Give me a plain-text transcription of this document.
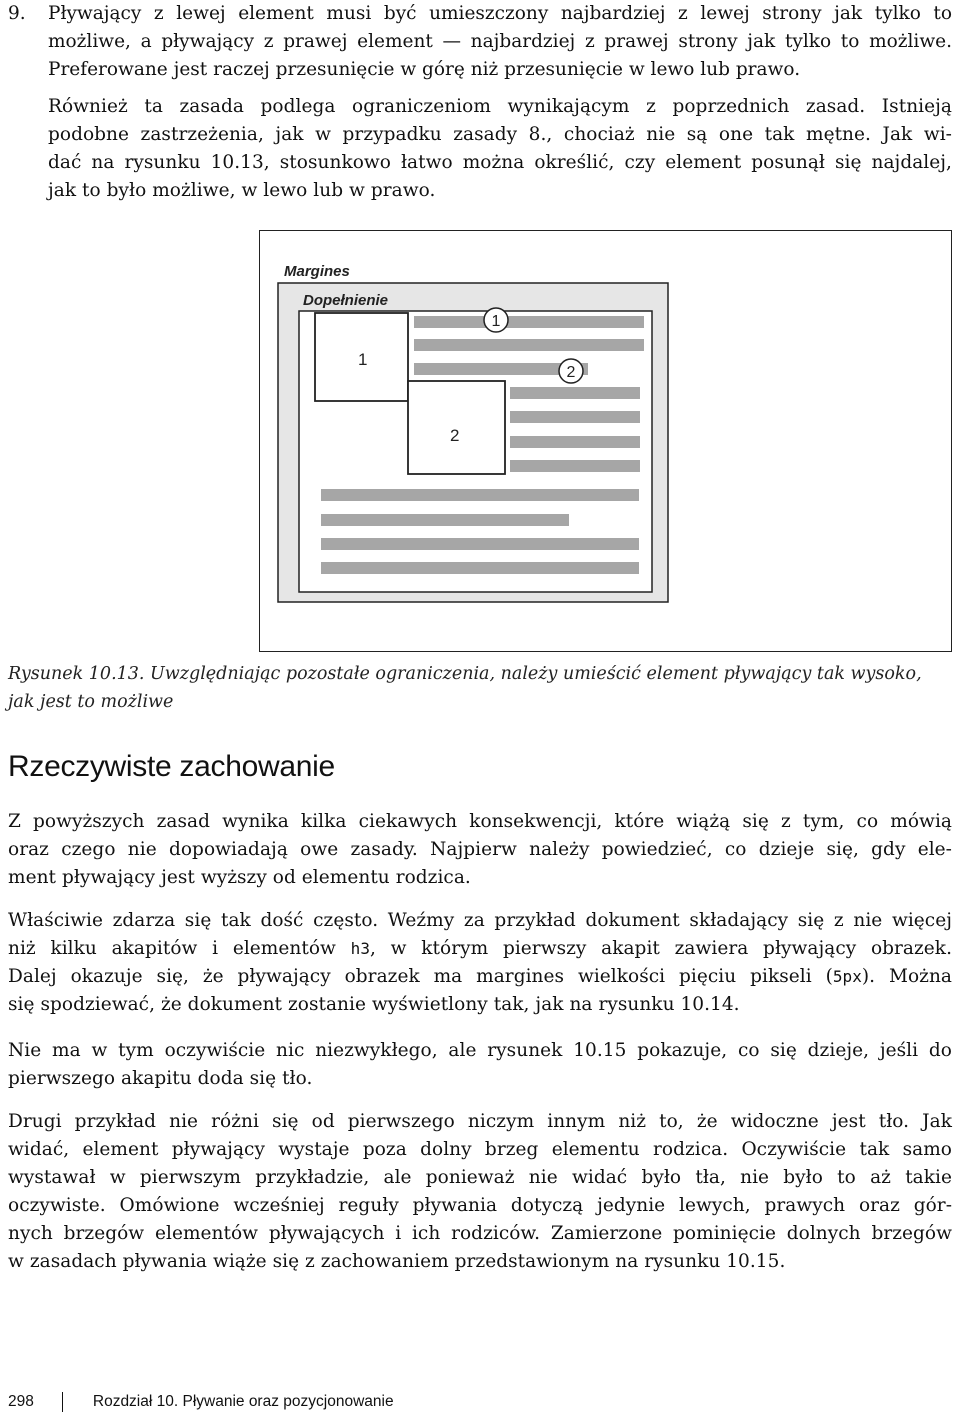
9. Pływający z lewej element musi być umieszczony najbardziej z lewej strony jak tylko to
możliwe, a pływający z prawej element — najbardziej z prawej strony jak tylko to możliwe.
Preferowane jest raczej przesunięcie w górę niż przesunięcie w lewo lub prawo.
Również ta zasada podlega ograniczeniom wynikającym z poprzednich zasad. Istnieją
podobne zastrzeżenia, jak w przypadku zasady 8., chociaż nie są one tak mętne. Jak wi-
dać na rysunku 10.13, stosunkowo łatwo można określić, czy element posunął się najdalej,
jak to było możliwe, w lewo lub w prawo.
Margines
Dopełnienie
1
2
1
2
Rysunek 10.13. Uwzględniając pozostałe ograniczenia, należy umieścić element pływający tak wysoko,
jak jest to możliwe
Rzeczywiste zachowanie
Z powyższych zasad wynika kilka ciekawych konsekwencji, które wiążą się z tym, co mówią
oraz czego nie dopowiadają owe zasady. Najpierw należy powiedzieć, co dzieje się, gdy ele-
ment pływający jest wyższy od elementu rodzica.
Właściwie zdarza się tak dość często. Weźmy za przykład dokument składający się z nie więcej
niż kilku akapitów i elementów h3, w którym pierwszy akapit zawiera pływający obrazek.
Dalej okazuje się, że pływający obrazek ma margines wielkości pięciu pikseli (5px). Można
się spodziewać, że dokument zostanie wyświetlony tak, jak na rysunku 10.14.
Nie ma w tym oczywiście nic niezwykłego, ale rysunek 10.15 pokazuje, co się dzieje, jeśli do
pierwszego akapitu doda się tło.
Drugi przykład nie różni się od pierwszego niczym innym niż to, że widoczne jest tło. Jak
widać, element pływający wystaje poza dolny brzeg elementu rodzica. Oczywiście tak samo
wystawał w pierwszym przykładzie, ale ponieważ nie widać było tła, nie było to aż takie
oczywiste. Omówione wcześniej reguły pływania dotyczą jedynie lewych, prawych oraz gór-
nych brzegów elementów pływających i ich rodziców. Zamierzone pominięcie dolnych brzegów
w zasadach pływania wiąże się z zachowaniem przedstawionym na rysunku 10.15.
298	Rozdział 10. Pływanie oraz pozycjonowanie
